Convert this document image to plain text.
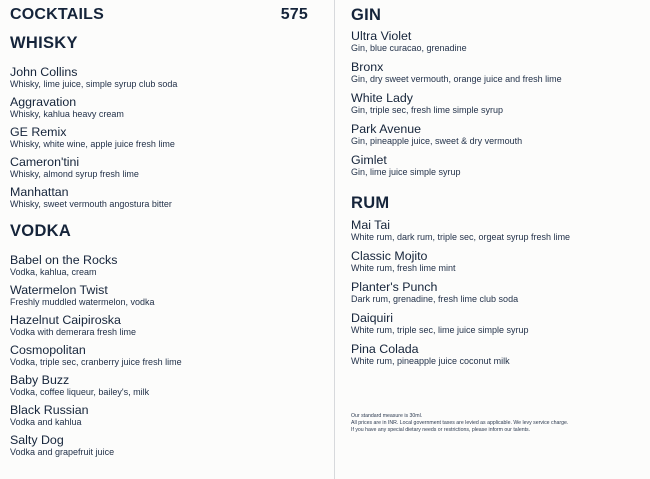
COCKTAILS	575
WHISKY
John Collins
Whisky, lime juice, simple syrup club soda
Aggravation
Whisky, kahlua heavy cream
GE Remix
Whisky, white wine, apple juice fresh lime
Cameron'tini
Whisky, almond syrup fresh lime
Manhattan
Whisky, sweet vermouth angostura bitter
VODKA
Babel on the Rocks
Vodka, kahlua, cream
Watermelon Twist
Freshly muddled watermelon, vodka
Hazelnut Caipiroska
Vodka with demerara fresh lime
Cosmopolitan
Vodka, triple sec, cranberry juice fresh lime
Baby Buzz
Vodka, coffee liqueur, bailey's, milk
Black Russian
Vodka and kahlua
Salty Dog
Vodka and grapefruit juice
GIN
Ultra Violet
Gin, blue curacao, grenadine
Bronx
Gin, dry sweet vermouth, orange juice and fresh lime
White Lady
Gin, triple sec, fresh lime simple syrup
Park Avenue
Gin, pineapple juice, sweet & dry vermouth
Gimlet
Gin, lime juice simple syrup
RUM
Mai Tai
White rum, dark rum, triple sec, orgeat syrup fresh lime
Classic Mojito
White rum, fresh lime mint
Planter's Punch
Dark rum, grenadine, fresh lime club soda
Daiquiri
White rum, triple sec, lime juice simple syrup
Pina Colada
White rum, pineapple juice coconut milk
Our standard measure is 30ml.
All prices are in INR. Local government taxes are levied as applicable. We levy service charge.
If you have any special dietary needs or restrictions, please inform our talents.
